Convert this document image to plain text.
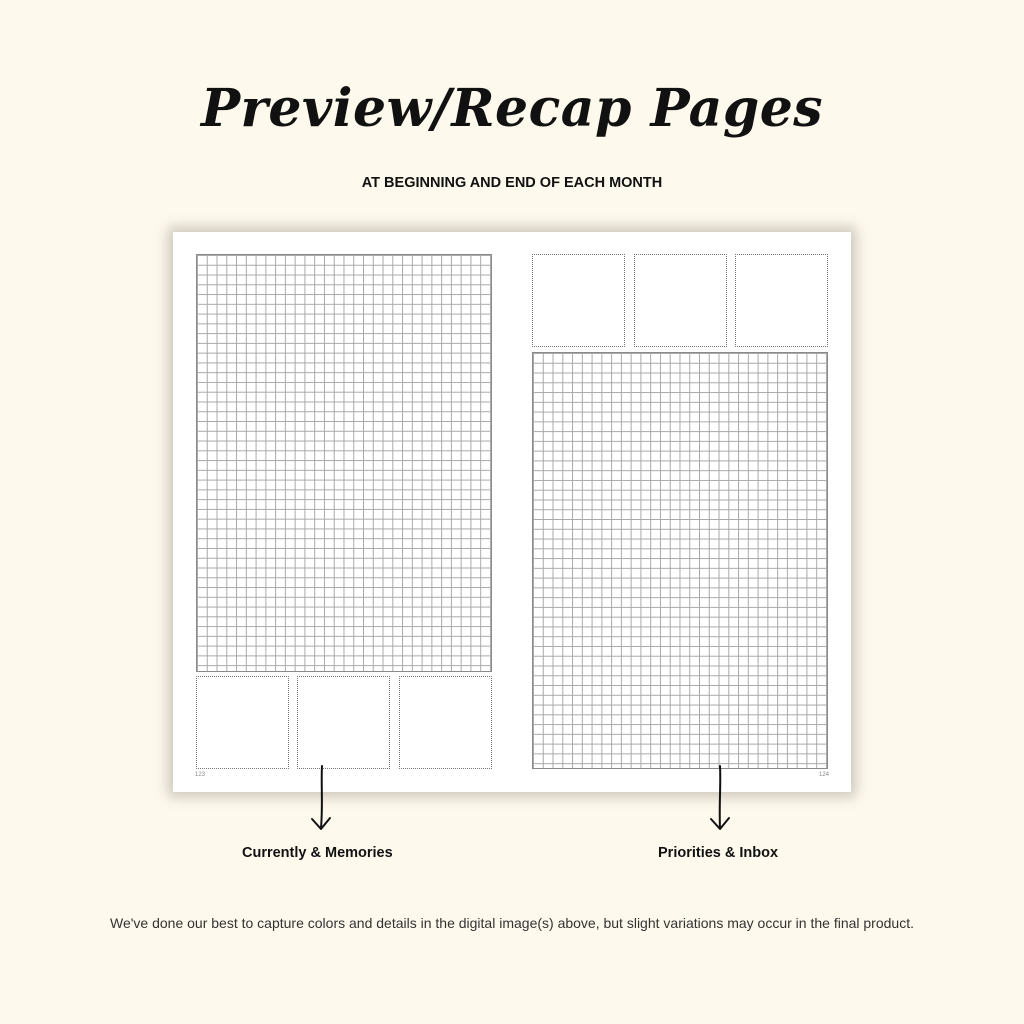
Preview/Recap Pages
AT BEGINNING AND END OF EACH MONTH
123	124
Currently & Memories	Priorities & Inbox
We've done our best to capture colors and details in the digital image(s) above, but slight variations may occur in the final product.
